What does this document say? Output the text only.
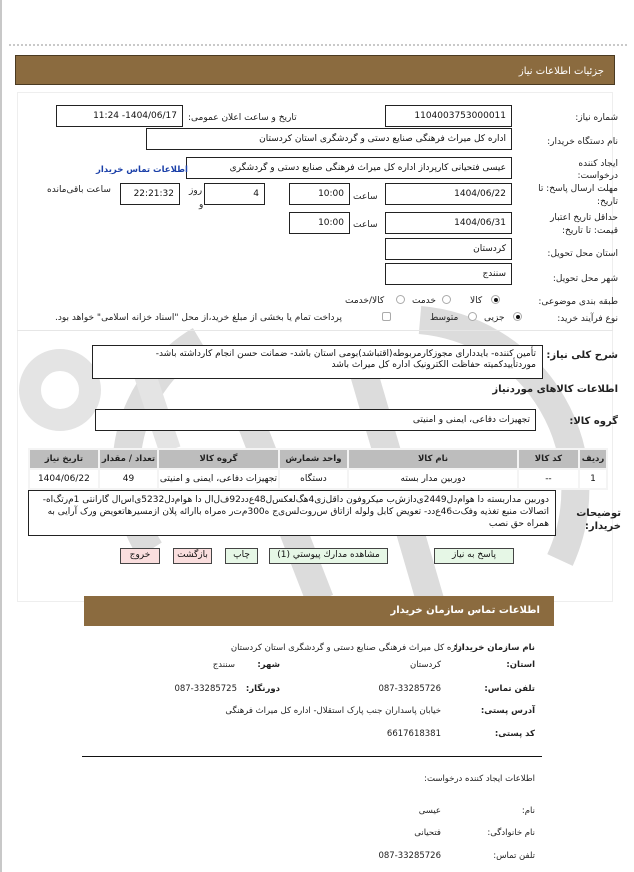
جزئیات اطلاعات نیاز
شماره نیاز:
1104003753000011
تاریخ و ساعت اعلان عمومی:
1404/06/17- 11:24
نام دستگاه خریدار:
اداره کل میراث فرهنگی صنایع دستی و گردشگری استان کردستان
ایجاد کننده
درخواست:
عیسی فتحیانی کارپرداز اداره کل میراث فرهنگی صنایع دستی و گردشگری
اطلاعات تماس خریدار
مهلت ارسال پاسخ: تا
تاریخ:
1404/06/22
ساعت
10:00
4
روز
و
22:21:32
ساعت باقی‌مانده
حداقل تاریخ اعتبار
قیمت: تا تاریخ:
1404/06/31
ساعت
10:00
استان محل تحویل:
کردستان
شهر محل تحویل:
سنندج
طبقه بندی موضوعی:
کالا
خدمت
کالا/خدمت
نوع فرآیند خرید:
جزیی
متوسط
پرداخت تمام یا بخشی از مبلغ خرید،از محل "اسناد خزانه اسلامی" خواهد بود.
شرح کلی نیاز:
تأمین کننده- بایددارای مجوزکارمربوطه(اقتباشد)بومی استان باشد- ضمانت حسن انجام کارداشته باشد-
موردتأییدکمیته حفاظت الکترونیک اداره کل میراث باشد
اطلاعات کالاهای موردنیاز
گروه کالا:
تجهیزات دفاعی، ایمنی و امنیتی
ردیف	کد کالا	نام کالا	واحد شمارش	گروه کالا	تعداد / مقدار	تاریخ نیاز
1	--	دوربین مدار بسته	دستگاه	تجهیزات دفاعی، ایمنی و امنیتی	49	1404/06/22
توضیحات
خریدار:
دوربین مداربسته دا هوام‌دل2449ی‌دازش‌ب میکروفون داقل‌زی4هگ‌لعکس‌ل48ع‌دد92ف‌ل‌ال دا هوام‌دل5232ی‌اس‌ال گارانتی 1م‌رتگ‌اه-
اتصالات منبع تغذیه وفک‌ت46ع‌دد- تعویض کابل ولوله ازاتاق‌ س‌روت‌لس‌ی‌ج ه300م‌ت‌ر ه‌مراه باارائه پلان ازمسیرهاتعویض ورک آرایی به
همراه حق نصب
پاسخ به نیاز
مشاهده مدارك پيوستي (1)
چاپ
بازگشت
خروج
اطلاعات تماس سازمان خریدار
نام سازمان خریدار:
اداره کل میراث فرهنگی صنایع دستی و گردشگری استان کردستان
استان:
کردستان
شهر:
سنندج
تلفن تماس:
087-33285726
دورنگار:
087-33285725
آدرس پستی:
خیابان پاسداران جنب پارک استقلال- اداره کل میراث فرهنگی
کد پستی:
6617618381
اطلاعات ایجاد کننده درخواست:
نام:
عیسی
نام خانوادگی:
فتحیانی
تلفن تماس:
087-33285726
